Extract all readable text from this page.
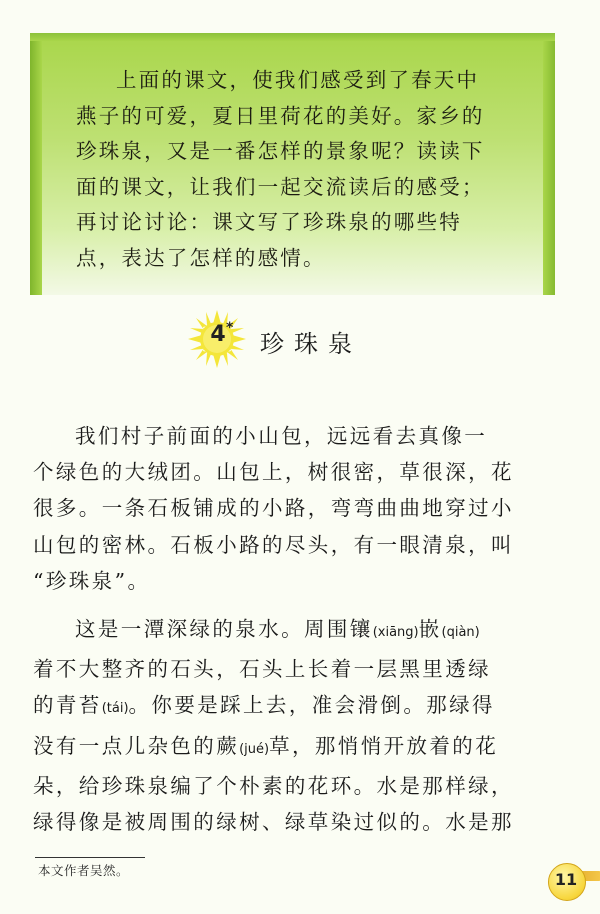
上面的课文，使我们感受到了春天中
燕子的可爱，夏日里荷花的美好。家乡的
珍珠泉，又是一番怎样的景象呢？读读下
面的课文，让我们一起交流读后的感受；
再讨论讨论：课文写了珍珠泉的哪些特
点，表达了怎样的感情。
4 *
珍珠泉
我们村子前面的小山包，远远看去真像一
个绿色的大绒团。山包上，树很密，草很深，花
很多。一条石板铺成的小路，弯弯曲曲地穿过小
山包的密林。石板小路的尽头，有一眼清泉，叫
“珍珠泉”。
这是一潭深绿的泉水。周围镶(xiāng)嵌(qiàn)
着不大整齐的石头，石头上长着一层黑里透绿
的青苔(tái)。你要是踩上去，准会滑倒。那绿得
没有一点儿杂色的蕨(jué)草，那悄悄开放着的花
朵，给珍珠泉编了个朴素的花环。水是那样绿，
绿得像是被周围的绿树、绿草染过似的。水是那
本文作者吴然。	11
